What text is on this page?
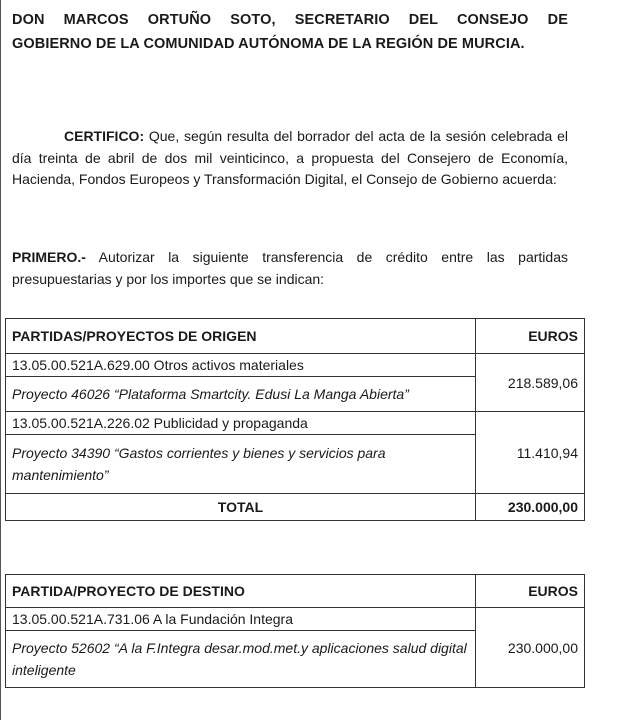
DON MARCOS ORTUÑO SOTO, SECRETARIO DEL CONSEJO DE
GOBIERNO DE LA COMUNIDAD AUTÓNOMA DE LA REGIÓN DE MURCIA.
CERTIFICO: Que, según resulta del borrador del acta de la sesión celebrada el día treinta de abril de dos mil veinticinco, a propuesta del Consejero de Economía, Hacienda, Fondos Europeos y Transformación Digital, el Consejo de Gobierno acuerda:
PRIMERO.- Autorizar la siguiente transferencia de crédito entre las partidas presupuestarias y por los importes que se indican:
PARTIDAS/PROYECTOS DE ORIGEN	EUROS
13.05.00.521A.629.00 Otros activos materiales	218.589,06
Proyecto 46026 “Plataforma Smartcity. Edusi La Manga Abierta”	
13.05.00.521A.226.02 Publicidad y propaganda	11.410,94
Proyecto 34390 “Gastos corrientes y bienes y servicios para mantenimiento”	
TOTAL	230.000,00
PARTIDA/PROYECTO DE DESTINO	EUROS
13.05.00.521A.731.06 A la Fundación Integra	230.000,00
Proyecto 52602 “A la F.Integra desar.mod.met.y aplicaciones salud digital inteligente	
